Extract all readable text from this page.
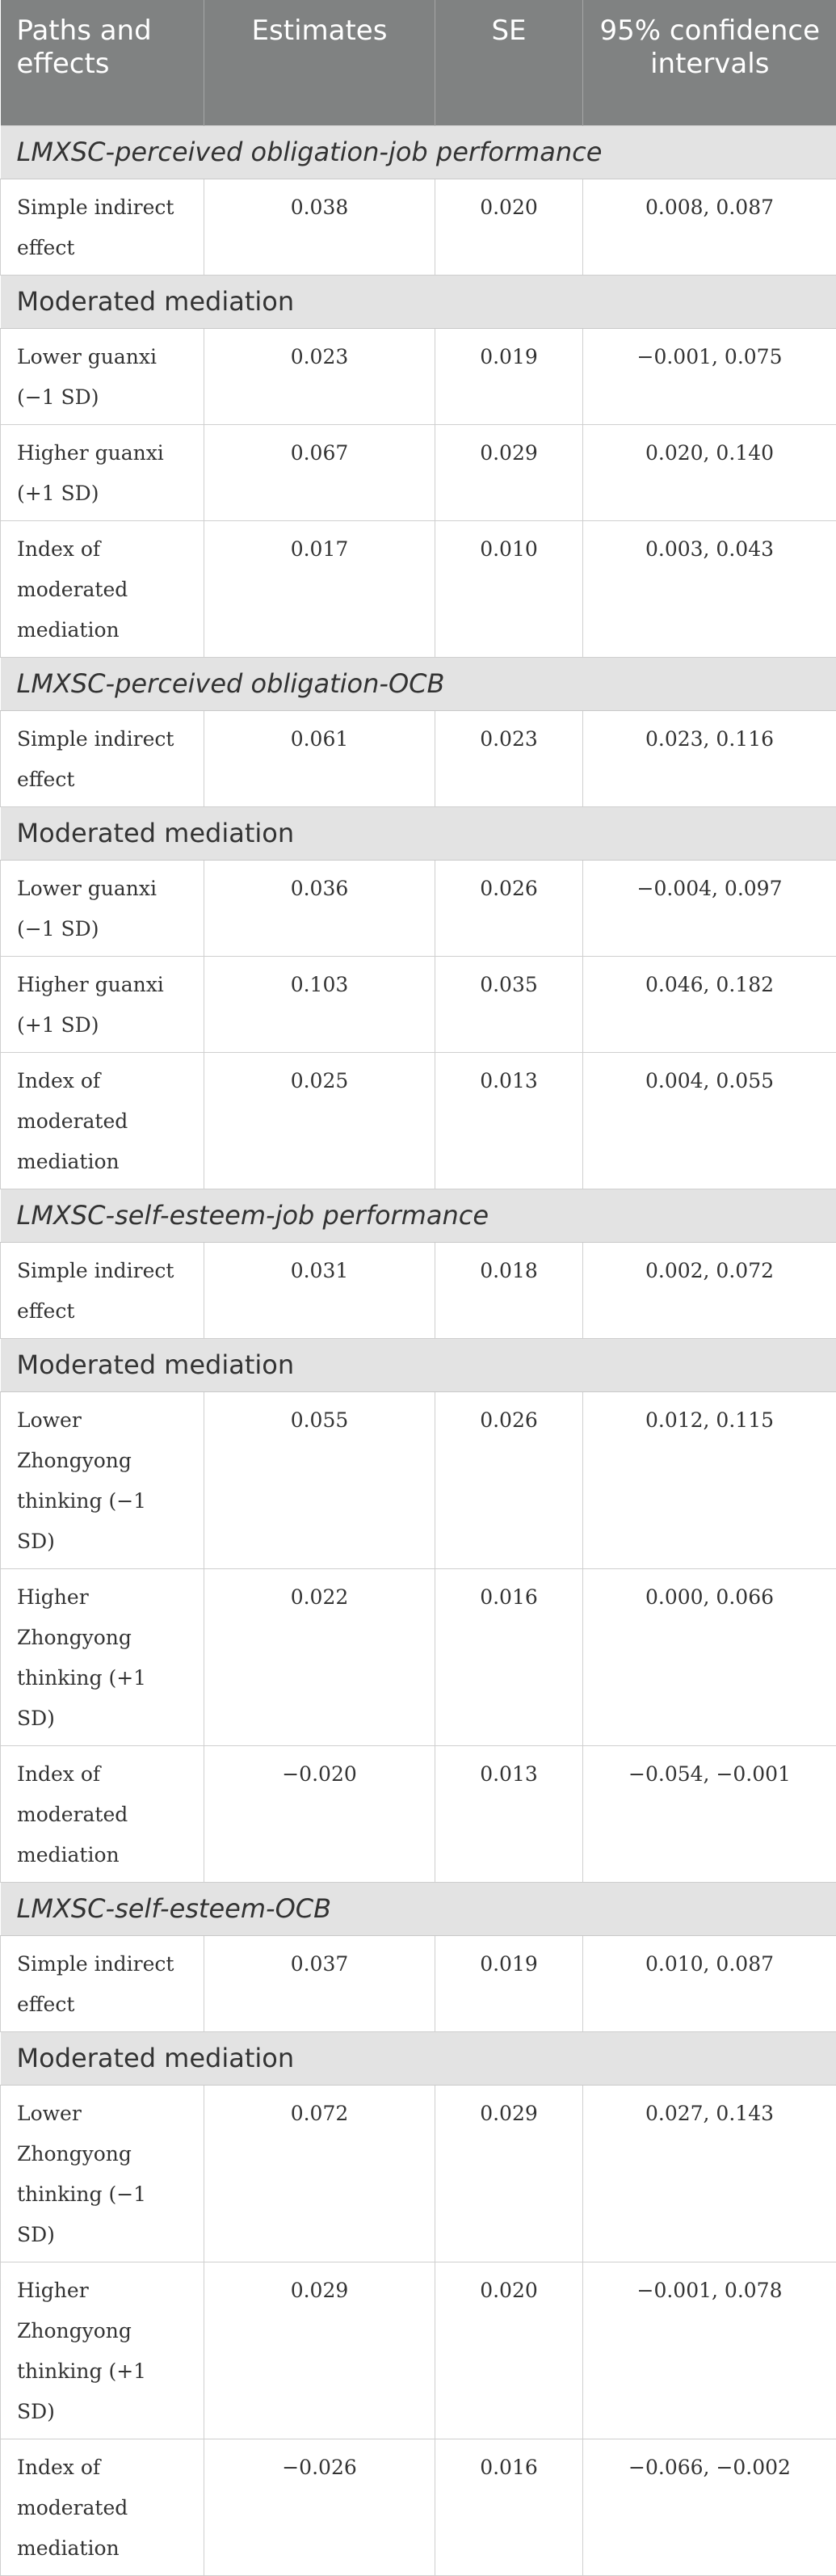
Paths and effects	Estimates	SE	95% confidence intervals
LMXSC-perceived obligation-job performance			
Simple indirect effect	0.038	0.020	0.008, 0.087
Moderated mediation			
Lower guanxi (−1 SD)	0.023	0.019	−0.001, 0.075
Higher guanxi (+1 SD)	0.067	0.029	0.020, 0.140
Index of moderated mediation	0.017	0.010	0.003, 0.043
LMXSC-perceived obligation-OCB			
Simple indirect effect	0.061	0.023	0.023, 0.116
Moderated mediation			
Lower guanxi (−1 SD)	0.036	0.026	−0.004, 0.097
Higher guanxi (+1 SD)	0.103	0.035	0.046, 0.182
Index of moderated mediation	0.025	0.013	0.004, 0.055
LMXSC-self-esteem-job performance			
Simple indirect effect	0.031	0.018	0.002, 0.072
Moderated mediation			
Lower Zhongyong thinking (−1 SD)	0.055	0.026	0.012, 0.115
Higher Zhongyong thinking (+1 SD)	0.022	0.016	0.000, 0.066
Index of moderated mediation	−0.020	0.013	−0.054, −0.001
LMXSC-self-esteem-OCB			
Simple indirect effect	0.037	0.019	0.010, 0.087
Moderated mediation			
Lower Zhongyong thinking (−1 SD)	0.072	0.029	0.027, 0.143
Higher Zhongyong thinking (+1 SD)	0.029	0.020	−0.001, 0.078
Index of moderated mediation	−0.026	0.016	−0.066, −0.002
